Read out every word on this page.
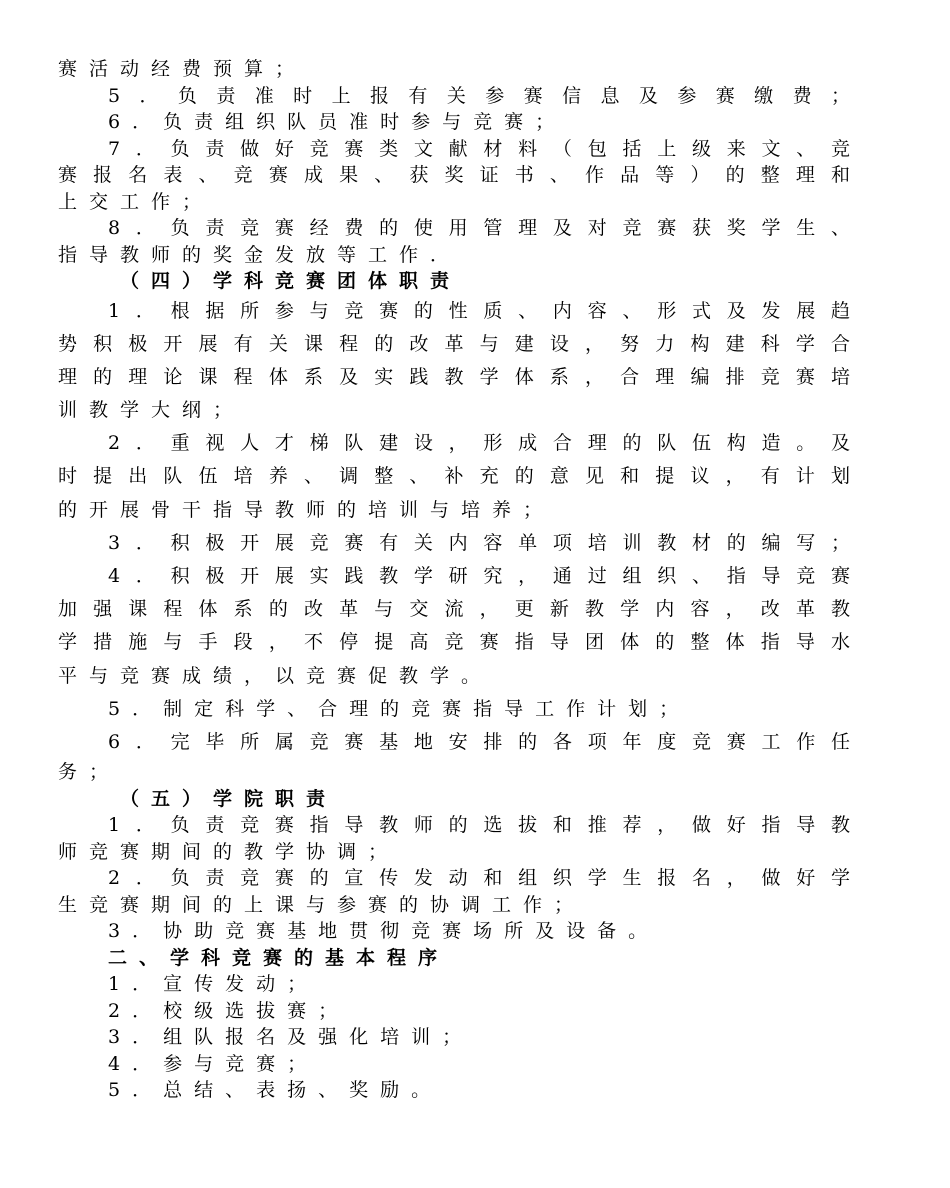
赛活动经费预算；
5．负责准时上报有关参赛信息及参赛缴费；
6．负责组织队员准时参与竞赛；
7．负责做好竞赛类文献材料（包括上级来文、竞
赛报名表、竞赛成果、获奖证书、作品等）的整理和
上交工作；
8．负责竞赛经费的使用管理及对竞赛获奖学生、
指导教师的奖金发放等工作．
（四）学科竞赛团体职责
1．根据所参与竞赛的性质、内容、形式及发展趋
势积极开展有关课程的改革与建设，努力构建科学合
理的理论课程体系及实践教学体系，合理编排竞赛培
训教学大纲；
2．重视人才梯队建设，形成合理的队伍构造。及
时提出队伍培养、调整、补充的意见和提议，有计划
的开展骨干指导教师的培训与培养；
3．积极开展竞赛有关内容单项培训教材的编写；
4．积极开展实践教学研究，通过组织、指导竞赛
加强课程体系的改革与交流，更新教学内容，改革教
学措施与手段，不停提高竞赛指导团体的整体指导水
平与竞赛成绩，以竞赛促教学。
5．制定科学、合理的竞赛指导工作计划；
6．完毕所属竞赛基地安排的各项年度竞赛工作任
务；
（五）学院职责
1．负责竞赛指导教师的选拔和推荐，做好指导教
师竞赛期间的教学协调；
2．负责竞赛的宣传发动和组织学生报名，做好学
生竞赛期间的上课与参赛的协调工作；
3．协助竞赛基地贯彻竞赛场所及设备。
二、学科竞赛的基本程序
1．宣传发动；
2．校级选拔赛；
3．组队报名及强化培训；
4．参与竞赛；
5．总结、表扬、奖励。
